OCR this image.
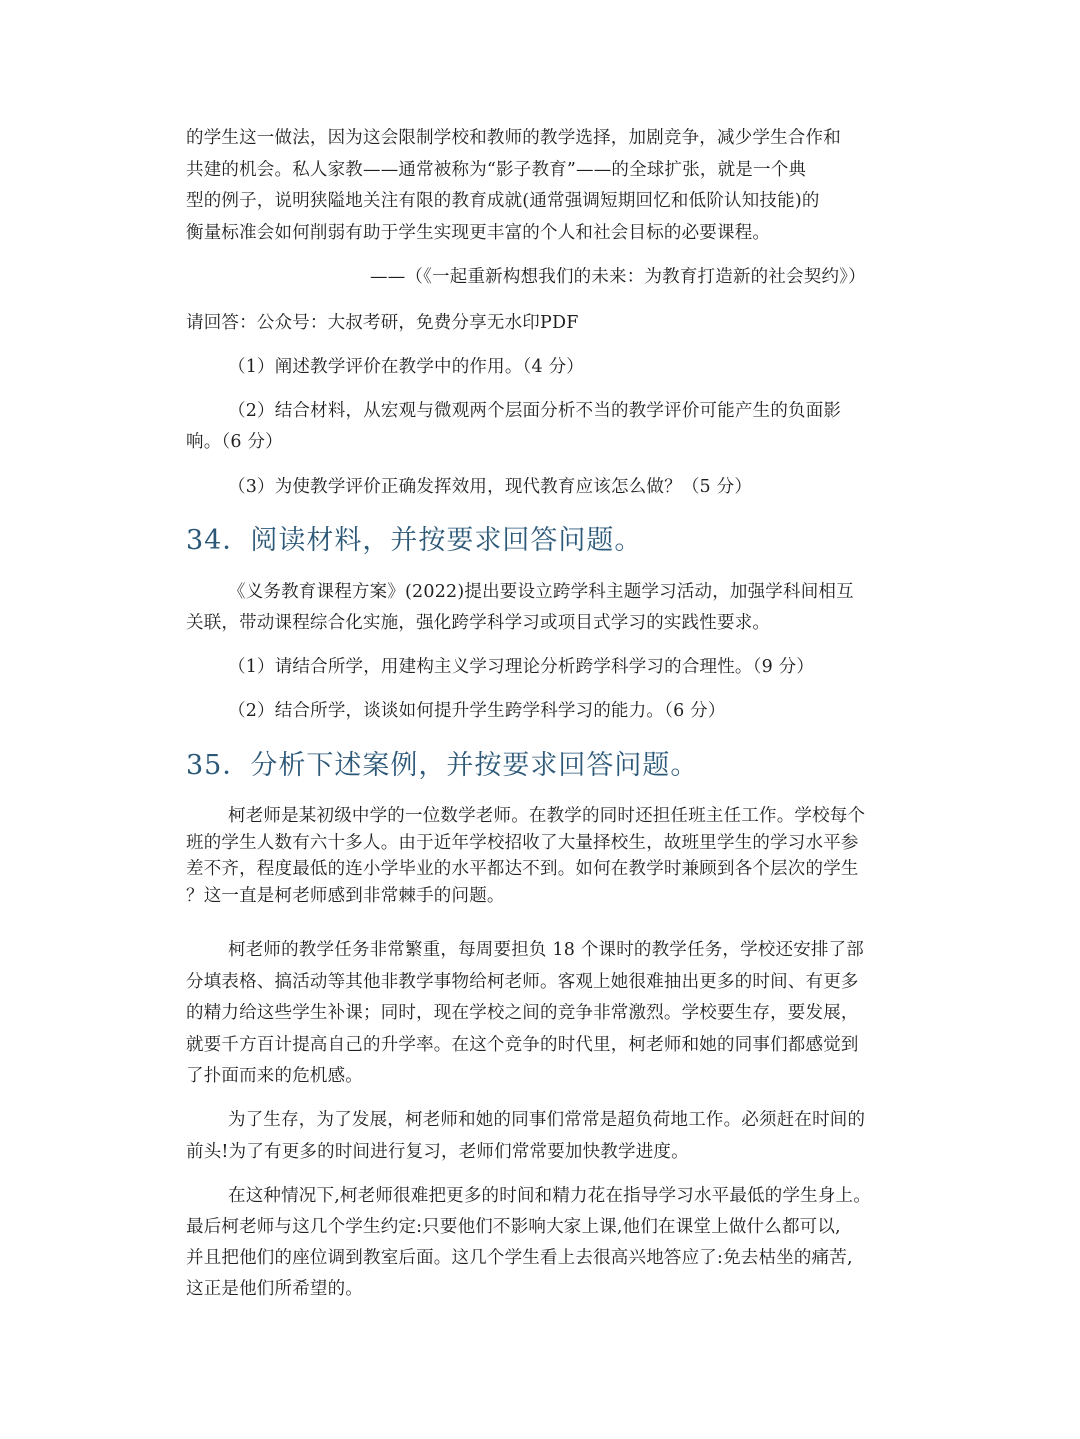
的学生这一做法，因为这会限制学校和教师的教学选择，加剧竞争，减少学生合作和
共建的机会。私人家教——通常被称为“影子教育”——的全球扩张，就是一个典
型的例子，说明狭隘地关注有限的教育成就(通常强调短期回忆和低阶认知技能)的
衡量标准会如何削弱有助于学生实现更丰富的个人和社会目标的必要课程。
——（《一起重新构想我们的未来：为教育打造新的社会契约》）
请回答：公众号：大叔考研，免费分享无水印PDF
（1）阐述教学评价在教学中的作用。（4 分）
（2）结合材料，从宏观与微观两个层面分析不当的教学评价可能产生的负面影
响。（6 分）
（3）为使教学评价正确发挥效用，现代教育应该怎么做？（5 分）
34．阅读材料，并按要求回答问题。
《义务教育课程方案》(2022)提出要设立跨学科主题学习活动，加强学科间相互
关联，带动课程综合化实施，强化跨学科学习或项目式学习的实践性要求。
（1）请结合所学，用建构主义学习理论分析跨学科学习的合理性。（9 分）
（2）结合所学，谈谈如何提升学生跨学科学习的能力。（6 分）
35．分析下述案例，并按要求回答问题。
柯老师是某初级中学的一位数学老师。在教学的同时还担任班主任工作。学校每个
班的学生人数有六十多人。由于近年学校招收了大量择校生，故班里学生的学习水平参
差不齐，程度最低的连小学毕业的水平都达不到。如何在教学时兼顾到各个层次的学生
？这一直是柯老师感到非常棘手的问题。
柯老师的教学任务非常繁重，每周要担负 18 个课时的教学任务，学校还安排了部
分填表格、搞活动等其他非教学事物给柯老师。客观上她很难抽出更多的时间、有更多
的精力给这些学生补课；同时，现在学校之间的竞争非常激烈。学校要生存，要发展，
就要千方百计提高自己的升学率。在这个竞争的时代里，柯老师和她的同事们都感觉到
了扑面而来的危机感。
为了生存，为了发展，柯老师和她的同事们常常是超负荷地工作。必须赶在时间的
前头!为了有更多的时间进行复习，老师们常常要加快教学进度。
在这种情况下,柯老师很难把更多的时间和精力花在指导学习水平最低的学生身上。
最后柯老师与这几个学生约定:只要他们不影响大家上课,他们在课堂上做什么都可以,
并且把他们的座位调到教室后面。这几个学生看上去很高兴地答应了:免去枯坐的痛苦,
这正是他们所希望的。
